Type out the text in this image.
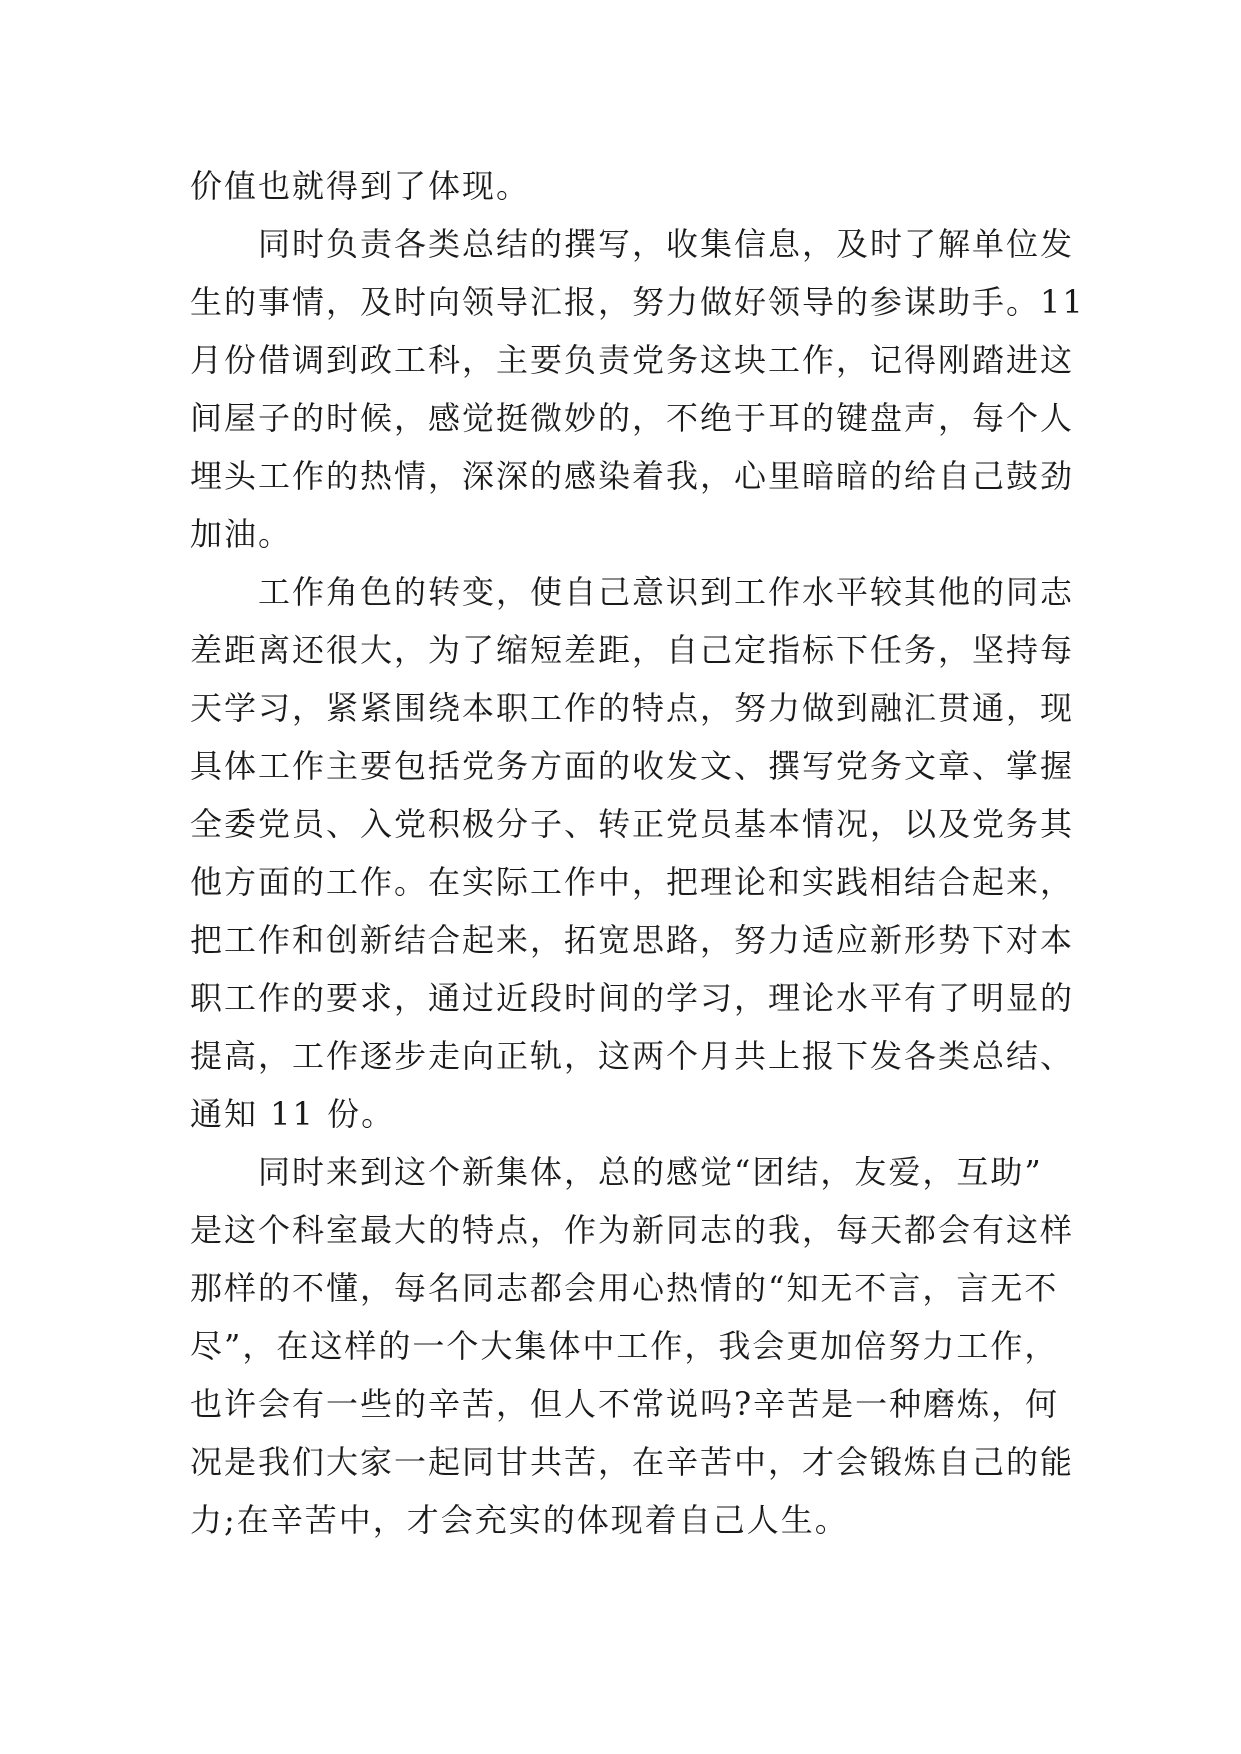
价值也就得到了体现。
同时负责各类总结的撰写，收集信息，及时了解单位发
生的事情，及时向领导汇报，努力做好领导的参谋助手。11
月份借调到政工科，主要负责党务这块工作，记得刚踏进这
间屋子的时候，感觉挺微妙的，不绝于耳的键盘声，每个人
埋头工作的热情，深深的感染着我，心里暗暗的给自己鼓劲
加油。
工作角色的转变，使自己意识到工作水平较其他的同志
差距离还很大，为了缩短差距，自己定指标下任务，坚持每
天学习，紧紧围绕本职工作的特点，努力做到融汇贯通，现
具体工作主要包括党务方面的收发文、撰写党务文章、掌握
全委党员、入党积极分子、转正党员基本情况，以及党务其
他方面的工作。在实际工作中，把理论和实践相结合起来，
把工作和创新结合起来，拓宽思路，努力适应新形势下对本
职工作的要求，通过近段时间的学习，理论水平有了明显的
提高，工作逐步走向正轨，这两个月共上报下发各类总结、
通知 11 份。
同时来到这个新集体，总的感觉“团结，友爱，互助”
是这个科室最大的特点，作为新同志的我，每天都会有这样
那样的不懂，每名同志都会用心热情的“知无不言，言无不
尽”，在这样的一个大集体中工作，我会更加倍努力工作，
也许会有一些的辛苦，但人不常说吗?辛苦是一种磨炼，何
况是我们大家一起同甘共苦，在辛苦中，才会锻炼自己的能
力;在辛苦中，才会充实的体现着自己人生。
